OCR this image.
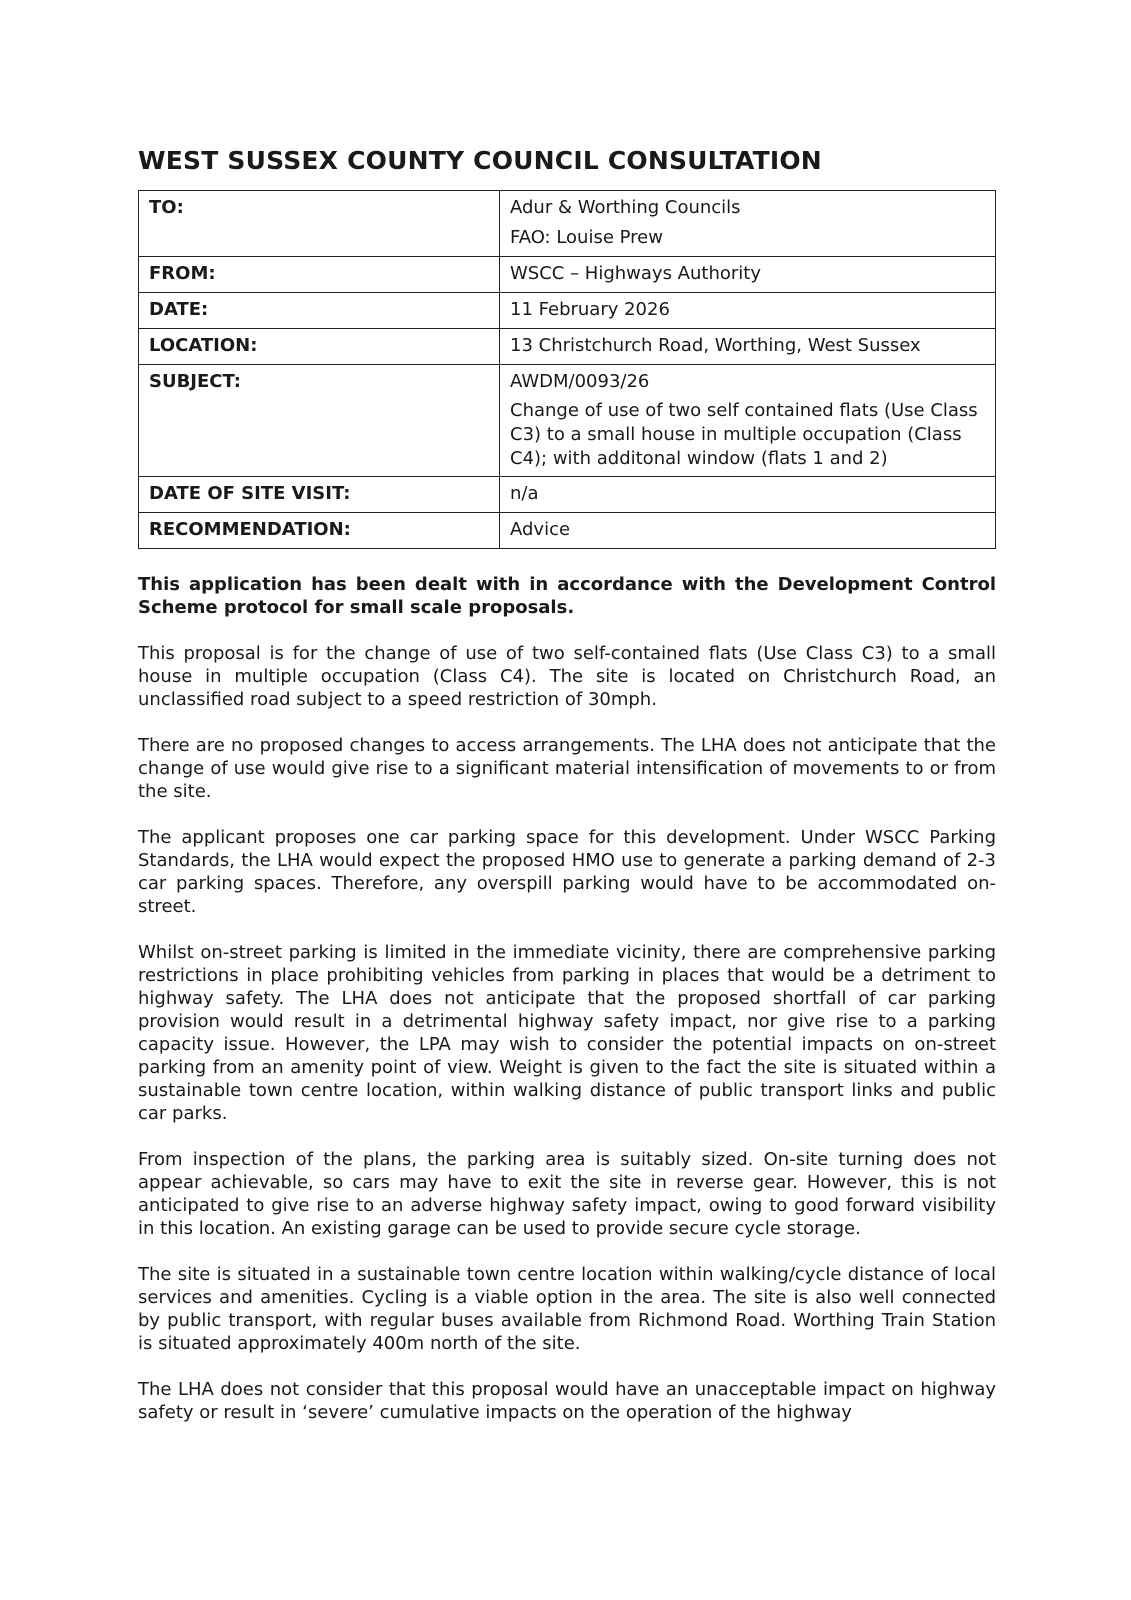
WEST SUSSEX COUNTY COUNCIL CONSULTATION
TO:	Adur & Worthing Councils
FAO: Louise Prew

FROM:	WSCC – Highways Authority
DATE:	11 February 2026
LOCATION:	13 Christchurch Road, Worthing, West Sussex
SUBJECT:	AWDM/0093/26
Change of use of two self contained flats (Use Class C3) to a small house in multiple occupation (Class C4); with additonal window (flats 1 and 2)

DATE OF SITE VISIT:	n/a
RECOMMENDATION:	Advice

This application has been dealt with in accordance with the Development Control Scheme protocol for small scale proposals.

This proposal is for the change of use of two self-contained flats (Use Class C3) to a small house in multiple occupation (Class C4). The site is located on Christchurch Road, an unclassified road subject to a speed restriction of 30mph.

There are no proposed changes to access arrangements. The LHA does not anticipate that the change of use would give rise to a significant material intensification of movements to or from the site.

The applicant proposes one car parking space for this development. Under WSCC Parking Standards, the LHA would expect the proposed HMO use to generate a parking demand of 2-3 car parking spaces. Therefore, any overspill parking would have to be accommodated on-street.

Whilst on-street parking is limited in the immediate vicinity, there are comprehensive parking restrictions in place prohibiting vehicles from parking in places that would be a detriment to highway safety. The LHA does not anticipate that the proposed shortfall of car parking provision would result in a detrimental highway safety impact, nor give rise to a parking capacity issue. However, the LPA may wish to consider the potential impacts on on-street parking from an amenity point of view. Weight is given to the fact the site is situated within a sustainable town centre location, within walking distance of public transport links and public car parks.

From inspection of the plans, the parking area is suitably sized. On-site turning does not appear achievable, so cars may have to exit the site in reverse gear. However, this is not anticipated to give rise to an adverse highway safety impact, owing to good forward visibility in this location. An existing garage can be used to provide secure cycle storage.

The site is situated in a sustainable town centre location within walking/cycle distance of local services and amenities. Cycling is a viable option in the area. The site is also well connected by public transport, with regular buses available from Richmond Road. Worthing Train Station is situated approximately 400m north of the site.

The LHA does not consider that this proposal would have an unacceptable impact on highway safety or result in ‘severe’ cumulative impacts on the operation of the highway
